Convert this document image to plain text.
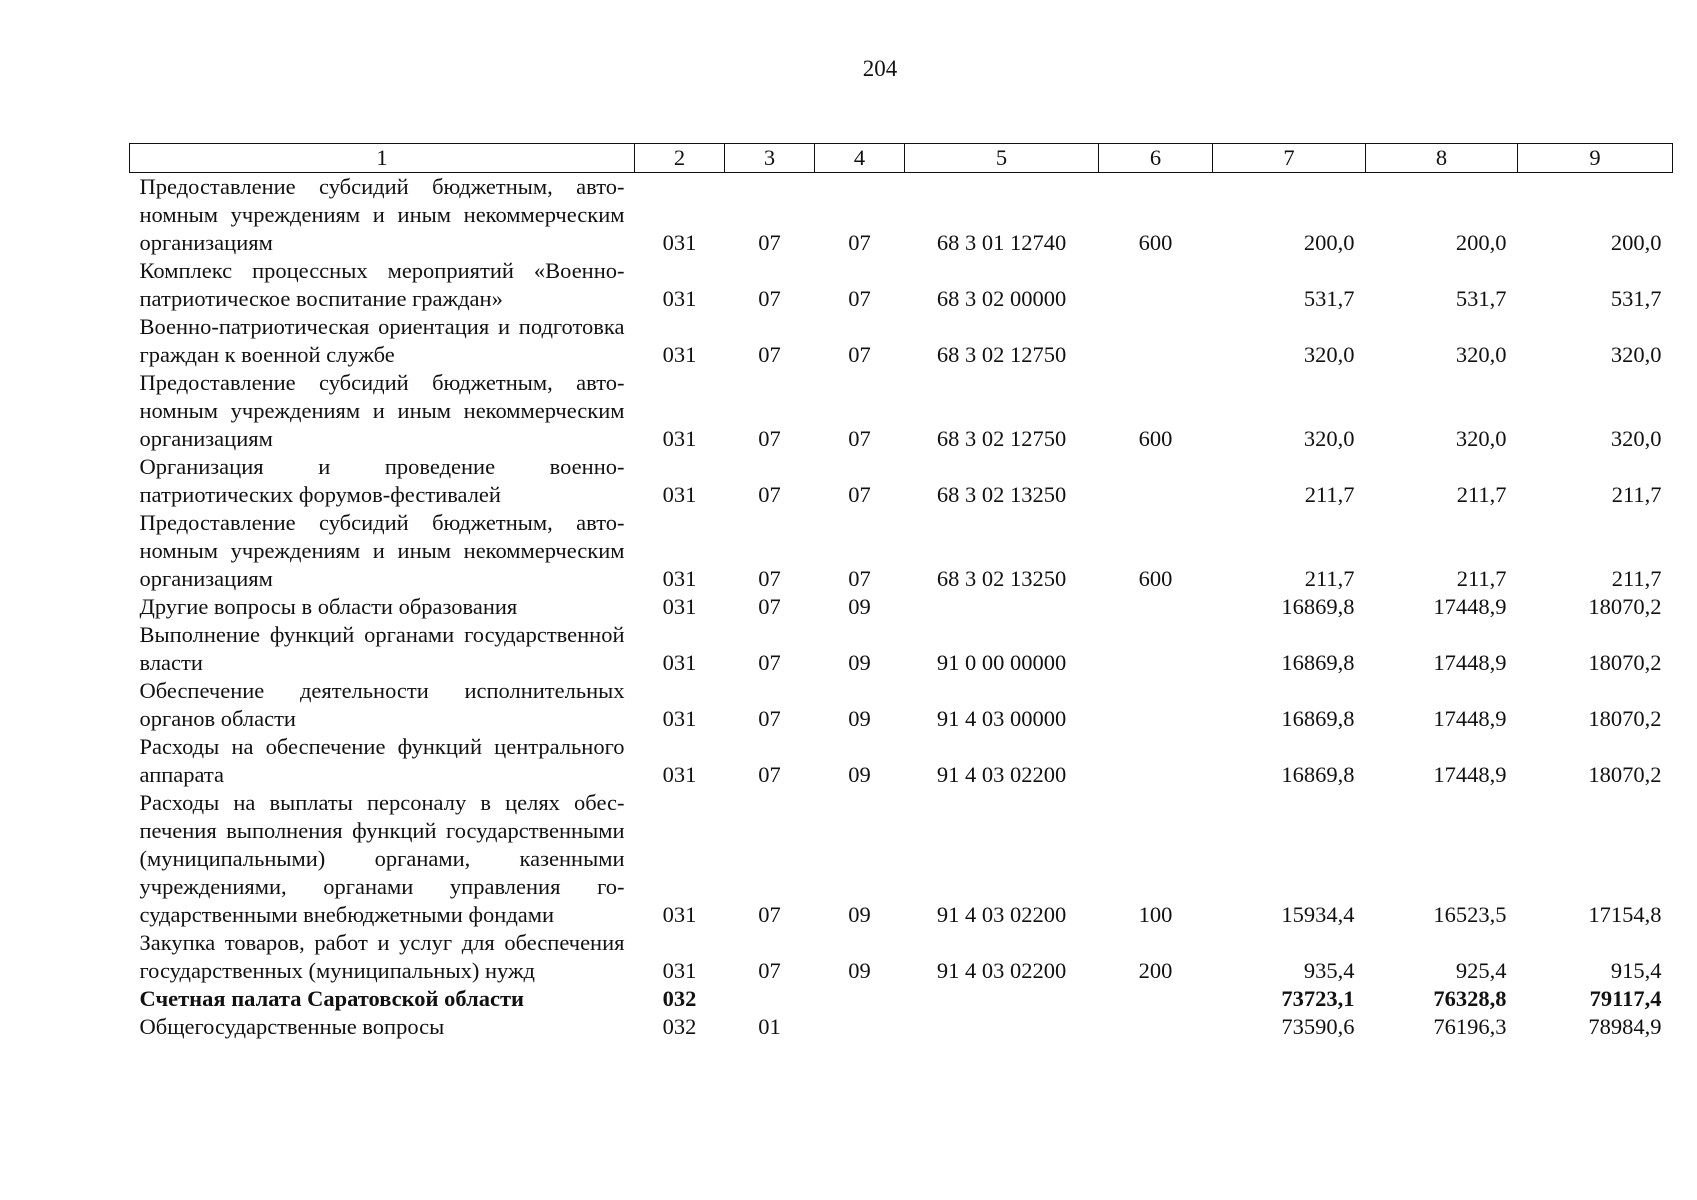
204
1	2	3	4	5	6	7	8	9
Предоставление субсидий бюджетным, автономным учреждениям и иным некоммерческим организациям	031	07	07	68 3 01 12740	600	200,0	200,0	200,0
Комплекс процессных мероприятий «Военно-патриотическое воспитание граждан»	031	07	07	68 3 02 00000		531,7	531,7	531,7
Военно-патриотическая ориентация и подготовка граждан к военной службе	031	07	07	68 3 02 12750		320,0	320,0	320,0
Предоставление субсидий бюджетным, автономным учреждениям и иным некоммерческим организациям	031	07	07	68 3 02 12750	600	320,0	320,0	320,0
Организация и проведение военно-патриотических форумов-фестивалей	031	07	07	68 3 02 13250		211,7	211,7	211,7
Предоставление субсидий бюджетным, автономным учреждениям и иным некоммерческим организациям	031	07	07	68 3 02 13250	600	211,7	211,7	211,7
Другие вопросы в области образования	031	07	09			16869,8	17448,9	18070,2
Выполнение функций органами государственной власти	031	07	09	91 0 00 00000		16869,8	17448,9	18070,2
Обеспечение деятельности исполнительных органов области	031	07	09	91 4 03 00000		16869,8	17448,9	18070,2
Расходы на обеспечение функций центрального аппарата	031	07	09	91 4 03 02200		16869,8	17448,9	18070,2
Расходы на выплаты персоналу в целях обеспечения выполнения функций государственными (муниципальными) органами, казенными учреждениями, органами управления государственными внебюджетными фондами	031	07	09	91 4 03 02200	100	15934,4	16523,5	17154,8
Закупка товаров, работ и услуг для обеспечения государственных (муниципальных) нужд	031	07	09	91 4 03 02200	200	935,4	925,4	915,4
Счетная палата Саратовской области	032					73723,1	76328,8	79117,4
Общегосударственные вопросы	032	01				73590,6	76196,3	78984,9
